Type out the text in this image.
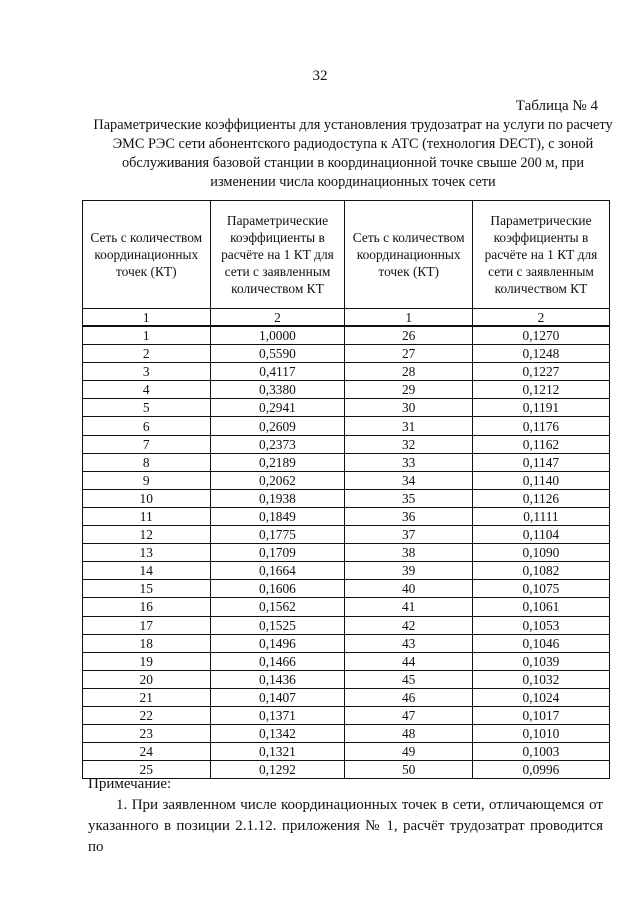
32
Таблица № 4
Параметрические коэффициенты для установления трудозатрат на услуги по расчету ЭМС РЭС сети абонентского радиодоступа к АТС (технология DECT), с зоной обслуживания базовой станции в координационной точке свыше 200 м, при изменении числа координационных точек сети
Сеть с количеством координационных точек (КТ)	Параметрические коэффициенты в расчёте на 1 КТ для сети с заявленным количеством КТ	Сеть с количеством координационных точек (КТ)	Параметрические коэффициенты в расчёте на 1 КТ для сети с заявленным количеством КТ
1	2	1	2
1	1,0000	26	0,1270
2	0,5590	27	0,1248
3	0,4117	28	0,1227
4	0,3380	29	0,1212
5	0,2941	30	0,1191
6	0,2609	31	0,1176
7	0,2373	32	0,1162
8	0,2189	33	0,1147
9	0,2062	34	0,1140
10	0,1938	35	0,1126
11	0,1849	36	0,1111
12	0,1775	37	0,1104
13	0,1709	38	0,1090
14	0,1664	39	0,1082
15	0,1606	40	0,1075
16	0,1562	41	0,1061
17	0,1525	42	0,1053
18	0,1496	43	0,1046
19	0,1466	44	0,1039
20	0,1436	45	0,1032
21	0,1407	46	0,1024
22	0,1371	47	0,1017
23	0,1342	48	0,1010
24	0,1321	49	0,1003
25	0,1292	50	0,0996
Примечание:
1. При заявленном числе координационных точек в сети, отличающемся от указанного в позиции 2.1.12. приложения № 1, расчёт трудозатрат проводится по
